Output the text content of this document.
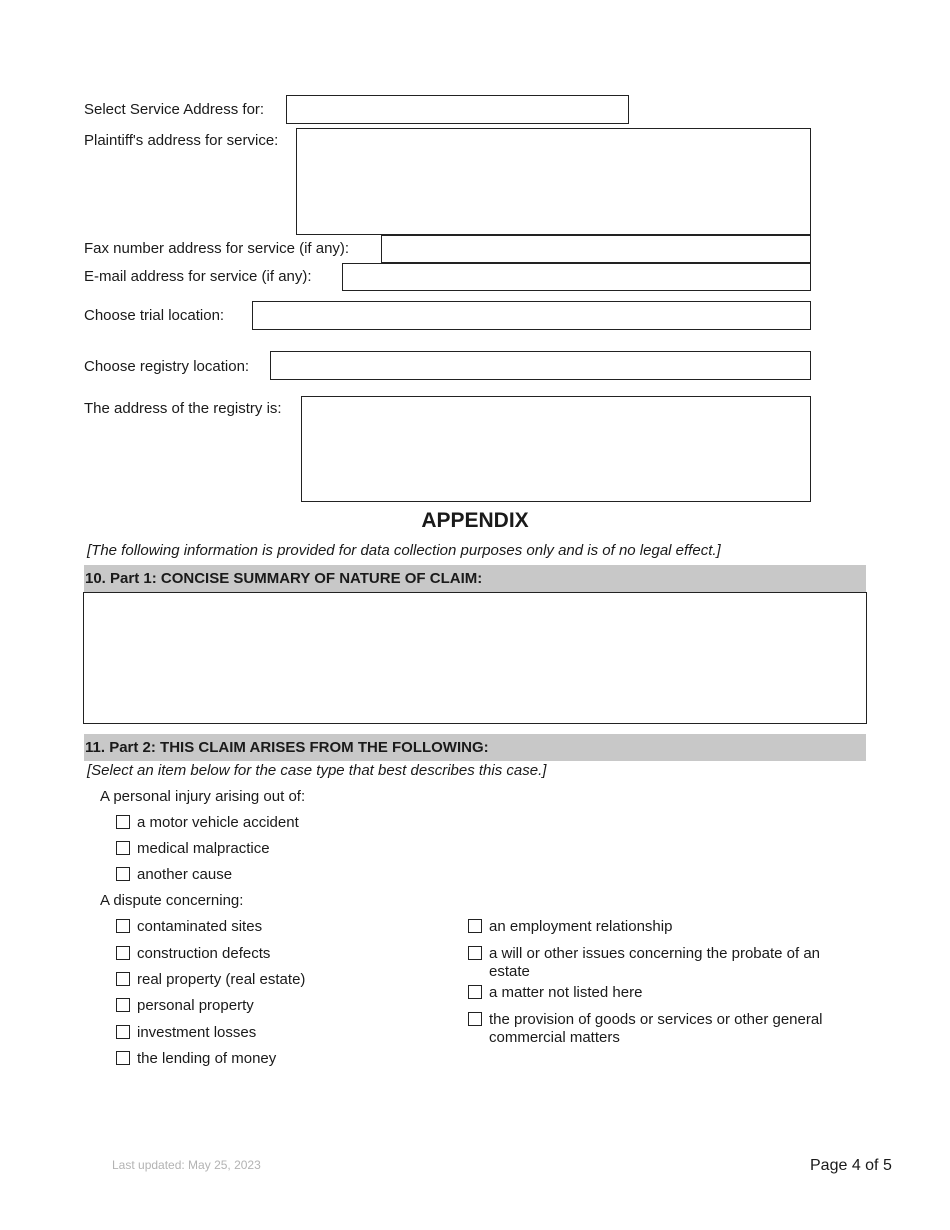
Select Service Address for:
Plaintiff's address for service:
Fax number address for service (if any):
E-mail address for service (if any):
Choose trial location:
Choose registry location:
The address of the registry is:
APPENDIX
[The following information is provided for data collection purposes only and is of no legal effect.]
10. Part 1: CONCISE SUMMARY OF NATURE OF CLAIM:
11. Part 2: THIS CLAIM ARISES FROM THE FOLLOWING:
[Select an item below for the case type that best describes this case.]
A personal injury arising out of:
a motor vehicle accident
medical malpractice
another cause
A dispute concerning:
contaminated sites
construction defects
real property (real estate)
personal property
investment losses
the lending of money
an employment relationship
a will or other issues concerning the probate of an estate
a matter not listed here
the provision of goods or services or other general commercial matters
Last updated: May 25, 2023	Page 4 of 5
